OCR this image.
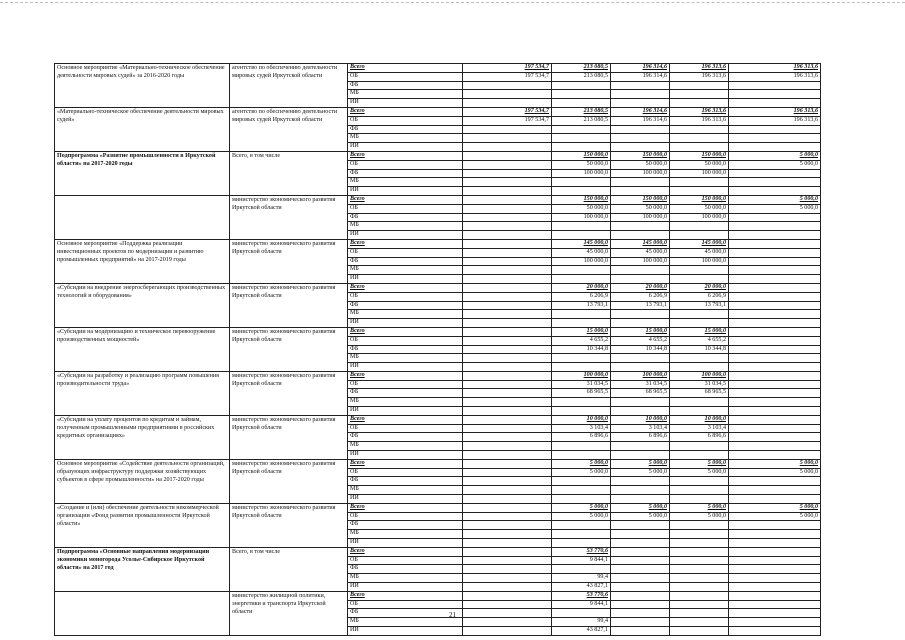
Основное мероприятие «Материально-техническое обеспечение деятельности мировых судей» за 2016-2020 годы
агентство по обеспечению деятельности мировых судей Иркутской области
Всего
ОБ
ФБ
МБ
ИИ
197 534,7
197 534,7
213 080,5
213 080,5
196 314,6
196 314,6
196 313,6
196 313,6
196 313,6
196 313,6
«Материально-техническое обеспечение деятельности мировых судей»
агентство по обеспечению деятельности мировых судей Иркутской области
Всего
ОБ
ФБ
МБ
ИИ
197 534,7
197 534,7
213 080,5
213 080,5
196 314,6
196 314,6
196 313,6
196 313,6
196 313,6
196 313,6
Подпрограмма «Развитие промышленности в Иркутской области» на 2017-2020 годы
Всего, в том числе	Всего
ОБ
ФБ
МБ
ИИ
150 000,0
50 000,0
100 000,0
150 000,0
50 000,0
100 000,0
150 000,0
50 000,0
100 000,0
5 000,0
5 000,0
министерство экономического развития Иркутской области
Всего
ОБ
ФБ
МБ
ИИ
150 000,0
50 000,0
100 000,0
150 000,0
50 000,0
100 000,0
150 000,0
50 000,0
100 000,0
5 000,0
5 000,0
Основное мероприятие «Поддержка реализации инвестиционных проектов по модернизации и развитию промышленных предприятий» на 2017-2019 годы
министерство экономического развития Иркутской области
Всего
ОБ
ФБ
МБ
ИИ
145 000,0
45 000,0
100 000,0
145 000,0
45 000,0
100 000,0
145 000,0
45 000,0
100 000,0
«Субсидии на внедрение энергосберегающих производственных технологий и оборудования»
министерство экономического развития Иркутской области
Всего
ОБ
ФБ
МБ
ИИ
20 000,0
6 206,9
13 793,1
20 000,0
6 206,9
13 793,1
20 000,0
6 206,9
13 793,1
«Субсидии на модернизацию и техническое перевооружение производственных мощностей»
министерство экономического развития Иркутской области
Всего
ОБ
ФБ
МБ
ИИ
15 000,0
4 655,2
10 344,8
15 000,0
4 655,2
10 344,8
15 000,0
4 655,2
10 344,8
«Субсидии на разработку и реализацию программ повышения производительности труда»
министерство экономического развития Иркутской области
Всего
ОБ
ФБ
МБ
ИИ
100 000,0
31 034,5
68 965,5
100 000,0
31 034,5
68 965,5
100 000,0
31 034,5
68 965,5
«Субсидии на уплату процентов по кредитам и займам, полученным промышленными предприятиями в российских кредитных организациях»
министерство экономического развития Иркутской области
Всего
ОБ
ФБ
МБ
ИИ
10 000,0
3 103,4
6 896,6
10 000,0
3 103,4
6 896,6
10 000,0
3 103,4
6 896,6
Основное мероприятие «Содействие деятельности организаций, образующих инфраструктуру поддержки хозяйствующих субъектов в сфере промышленности» на 2017-2020 годы
министерство экономического развития Иркутской области
Всего
ОБ
ФБ
МБ
ИИ
5 000,0
5 000,0
5 000,0
5 000,0
5 000,0
5 000,0
5 000,0
5 000,0
«Создание и (или) обеспечение деятельности некоммерческой организации «Фонд развития промышленности Иркутской области»
министерство экономического развития Иркутской области
Всего
ОБ
ФБ
МБ
ИИ
5 000,0
5 000,0
5 000,0
5 000,0
5 000,0
5 000,0
5 000,0
5 000,0
Подпрограмма «Основные направления модернизации экономики моногорода Усолье-Сибирское Иркутской области» на 2017 год
Всего, в том числе	Всего
ОБ
ФБ
МБ
ИИ
53 770,6
9 844,1
99,4
43 827,1
министерство жилищной политики, энергетики и транспорта Иркутской области
Всего
ОБ
ФБ
МБ
ИИ
53 770,6
9 844,1
99,4
43 827,1
21
